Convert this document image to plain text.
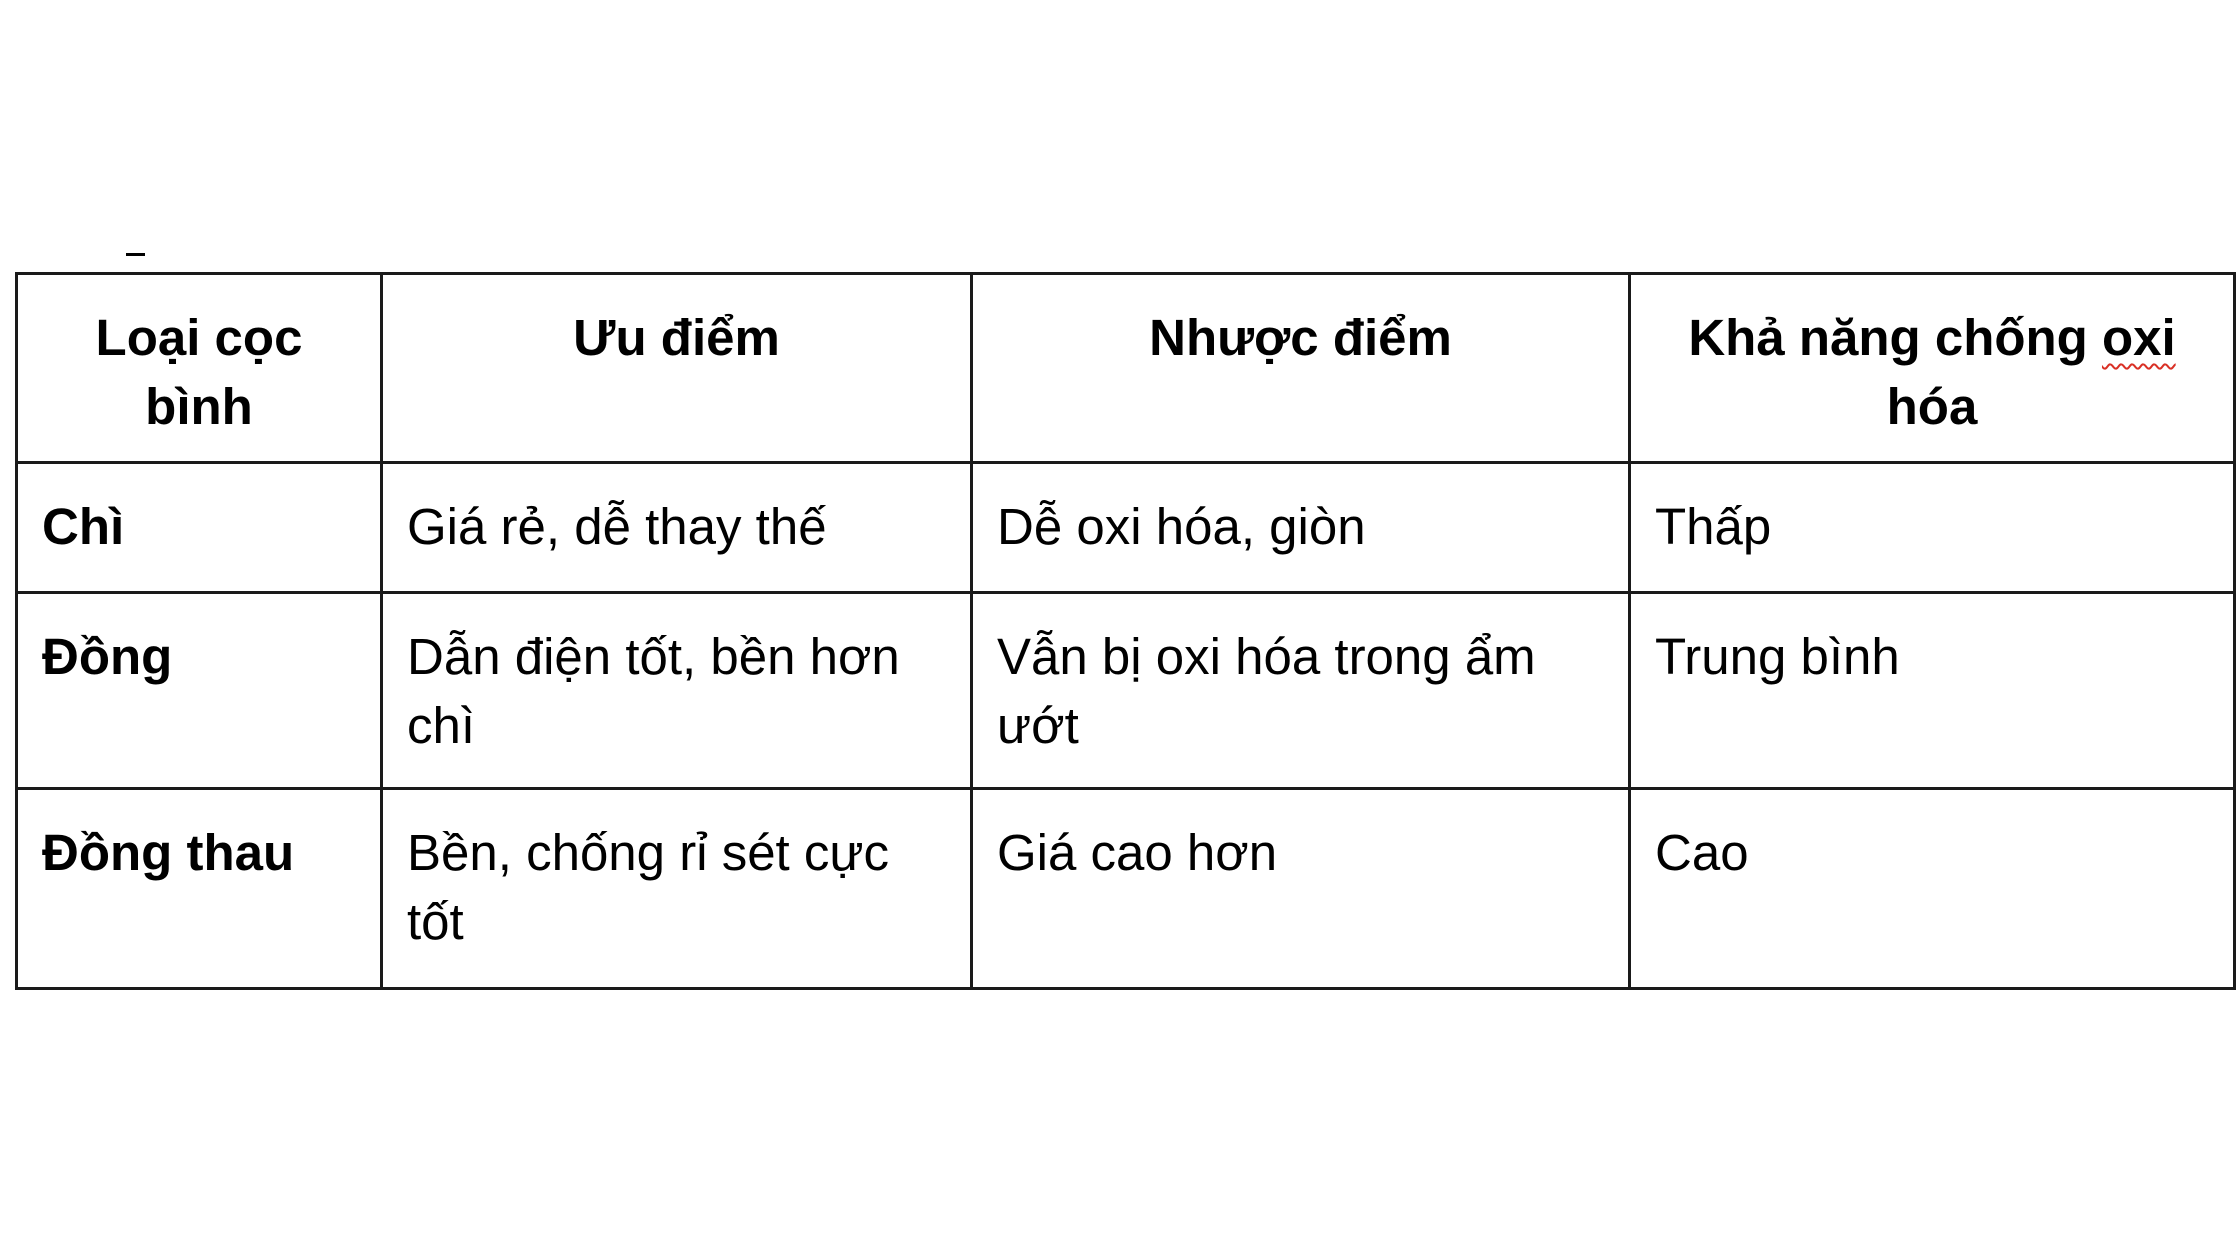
Loại cọc bình	Ưu điểm	Nhược điểm	Khả năng chống oxi hóa
Chì	Giá rẻ, dễ thay thế	Dễ oxi hóa, giòn	Thấp
Đồng	Dẫn điện tốt, bền hơn chì	Vẫn bị oxi hóa trong ẩm ướt	Trung bình
Đồng thau	Bền, chống rỉ sét cực tốt	Giá cao hơn	Cao
